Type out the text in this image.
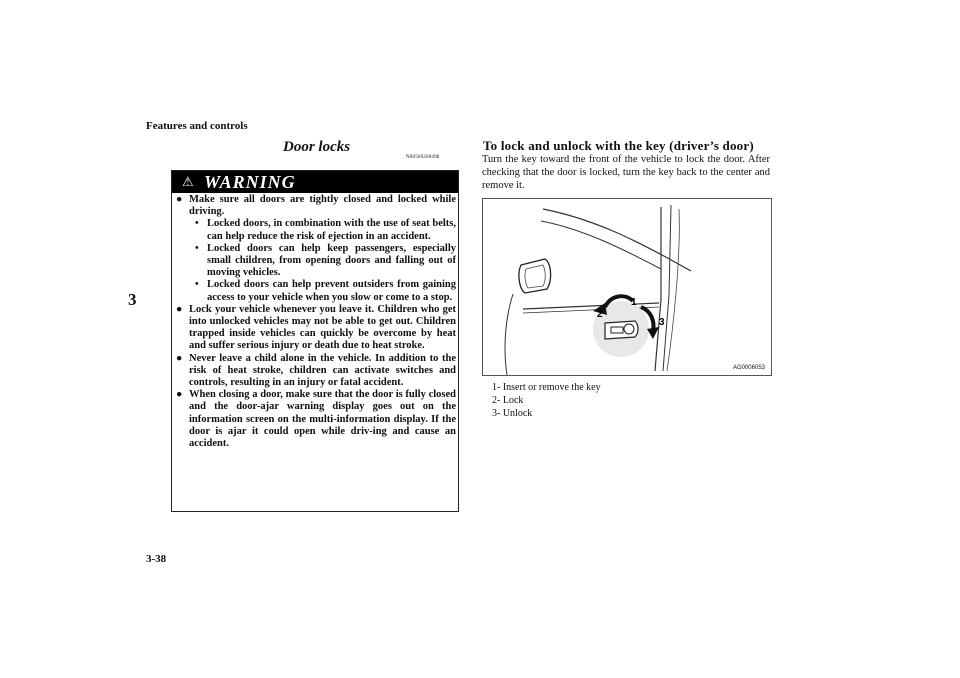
Features and controls
3
3-38
Door locks
N00509200498
⚠ WARNING
● Make sure all doors are tightly closed and locked while driving.
• Locked doors, in combination with the use of seat belts, can help reduce the risk of ejection in an accident.
• Locked doors can help keep passengers, especially small children, from opening doors and falling out of moving vehicles.
• Locked doors can help prevent outsiders from gaining access to your vehicle when you slow or come to a stop.
● Lock your vehicle whenever you leave it. Children who get into unlocked vehicles may not be able to get out. Children trapped inside vehicles can quickly be overcome by heat and suffer serious injury or death due to heat stroke.
● Never leave a child alone in the vehicle. In addition to the risk of heat stroke, children can activate switches and controls, resulting in an injury or fatal accident.
● When closing a door, make sure that the door is fully closed and the door-ajar warning display goes out on the information screen on the multi-information display. If the door is ajar it could open while driv-ing and cause an accident.
To lock and unlock with the key (driver’s door)
Turn the key toward the front of the vehicle to lock the door. After checking that the door is locked, turn the key back to the center and remove it.
1
2
3
AG0006053
1- Insert or remove the key
2- Lock
3- Unlock
